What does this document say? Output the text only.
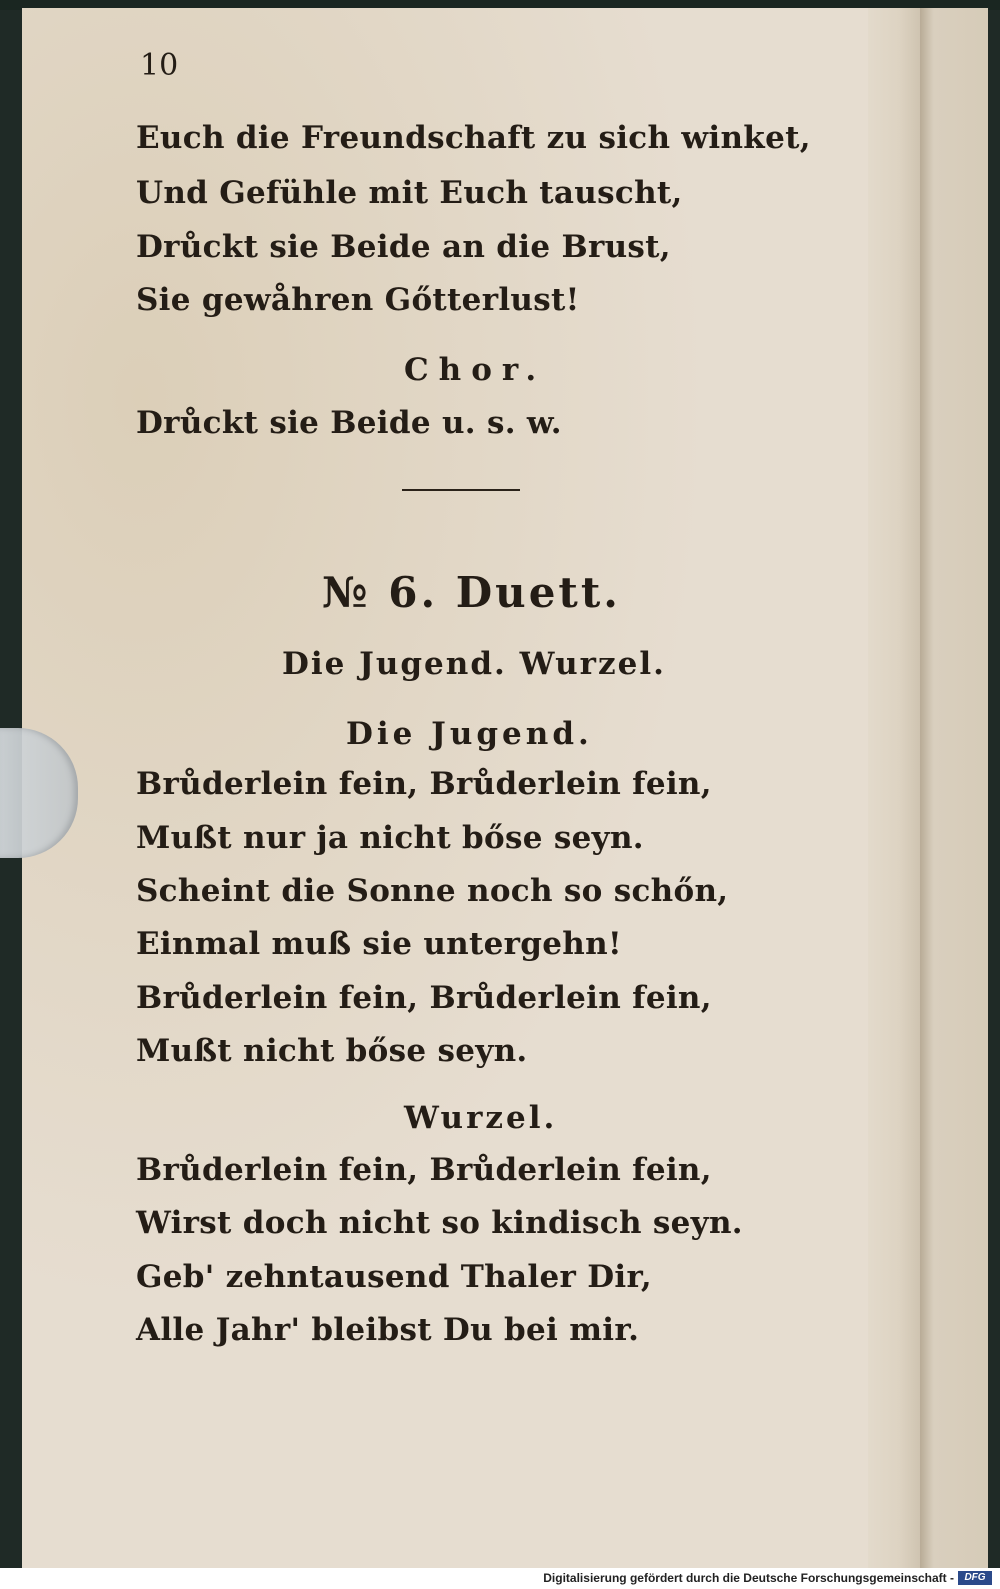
10
Euch die Freundschaft zu sich winket,
Und Gefühle mit Euch tauscht,
Drůckt sie Beide an die Brust,
Sie gewåhren Gőtterlust!
Chor.
Drůckt sie Beide u. s. w.
№ 6. Duett.
Die Jugend. Wurzel.
Die Jugend.
Brůderlein fein, Brůderlein fein,
Mußt nur ja nicht bőse seyn.
Scheint die Sonne noch so schőn,
Einmal muß sie untergehn!
Brůderlein fein, Brůderlein fein,
Mußt nicht bőse seyn.
Wurzel.
Brůderlein fein, Brůderlein fein,
Wirst doch nicht so kindisch seyn.
Geb' zehntausend Thaler Dir,
Alle Jahr' bleibst Du bei mir.
Digitalisierung gefördert durch die Deutsche Forschungsgemeinschaft -	DFG
